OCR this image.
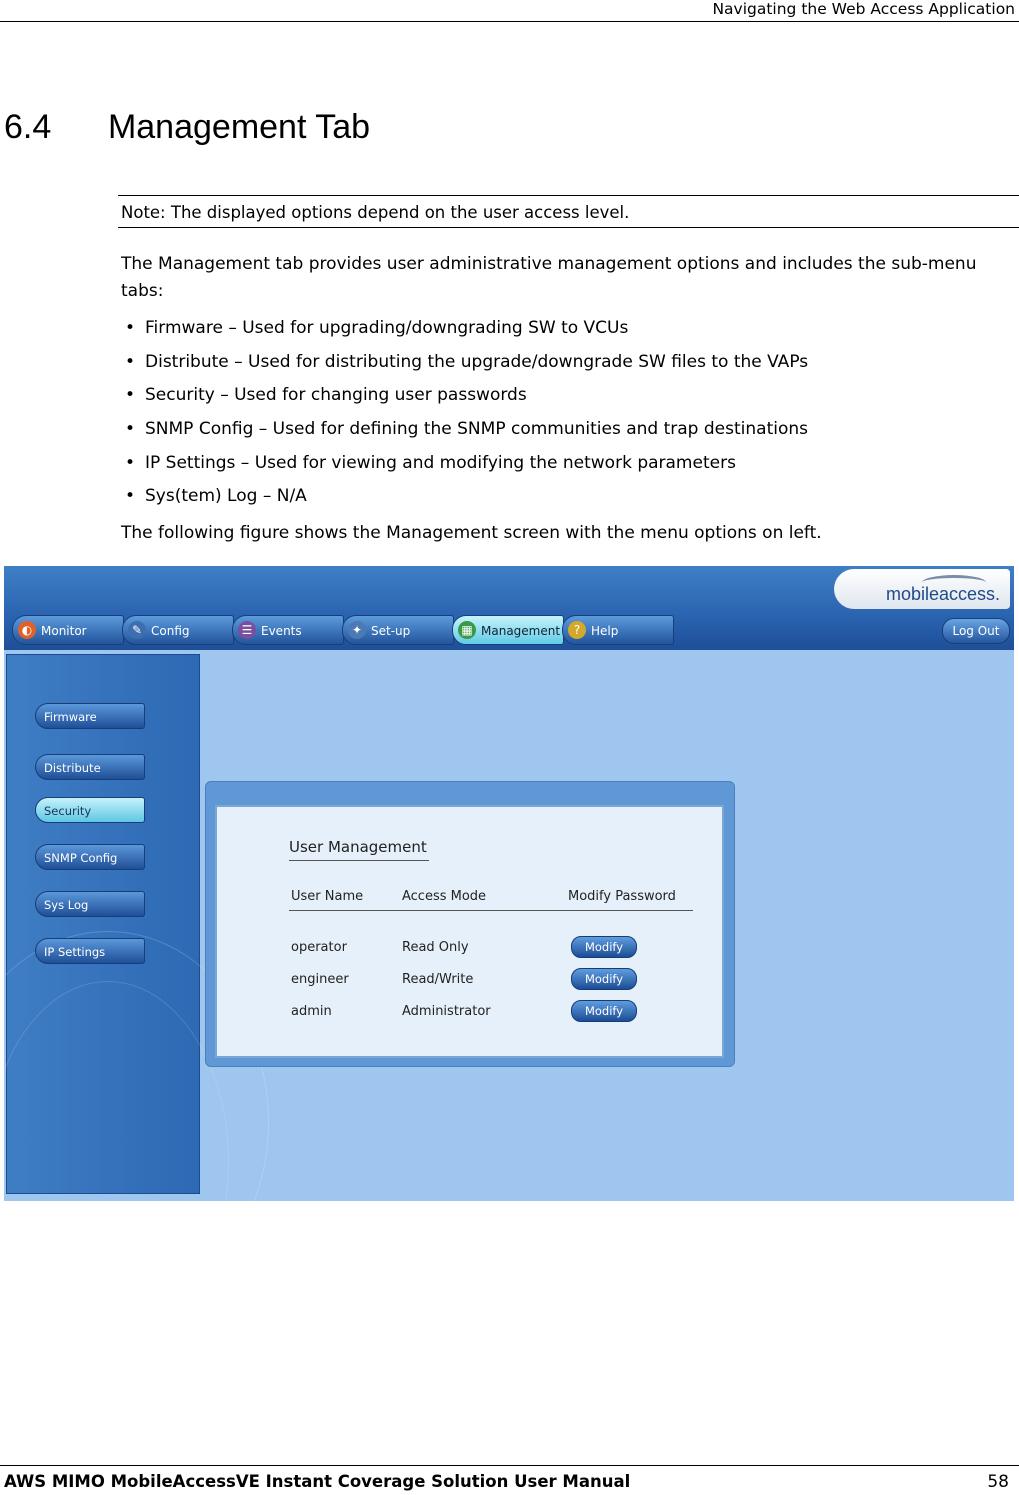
Navigating the Web Access Application
6.4 Management Tab
Note: The displayed options depend on the user access level.
The Management tab provides user administrative management options and includes the sub-menu tabs:
• Firmware – Used for upgrading/downgrading SW to VCUs
• Distribute – Used for distributing the upgrade/downgrade SW files to the VAPs
• Security – Used for changing user passwords
• SNMP Config – Used for defining the SNMP communities and trap destinations
• IP Settings – Used for viewing and modifying the network parameters
• Sys(tem) Log – N/A
The following figure shows the Management screen with the menu options on left.
mobileaccess.
◐ Monitor	✎ Config	☰ Events	✦ Set-up	▦ Management	? Help	Log Out
Firmware
Distribute
Security
SNMP Config
Sys Log
IP Settings
User Management
User Name	Access Mode	Modify Password
operator	Read Only	Modify
engineer	Read/Write	Modify
admin	Administrator	Modify
AWS MIMO MobileAccessVE Instant Coverage Solution User Manual	58
